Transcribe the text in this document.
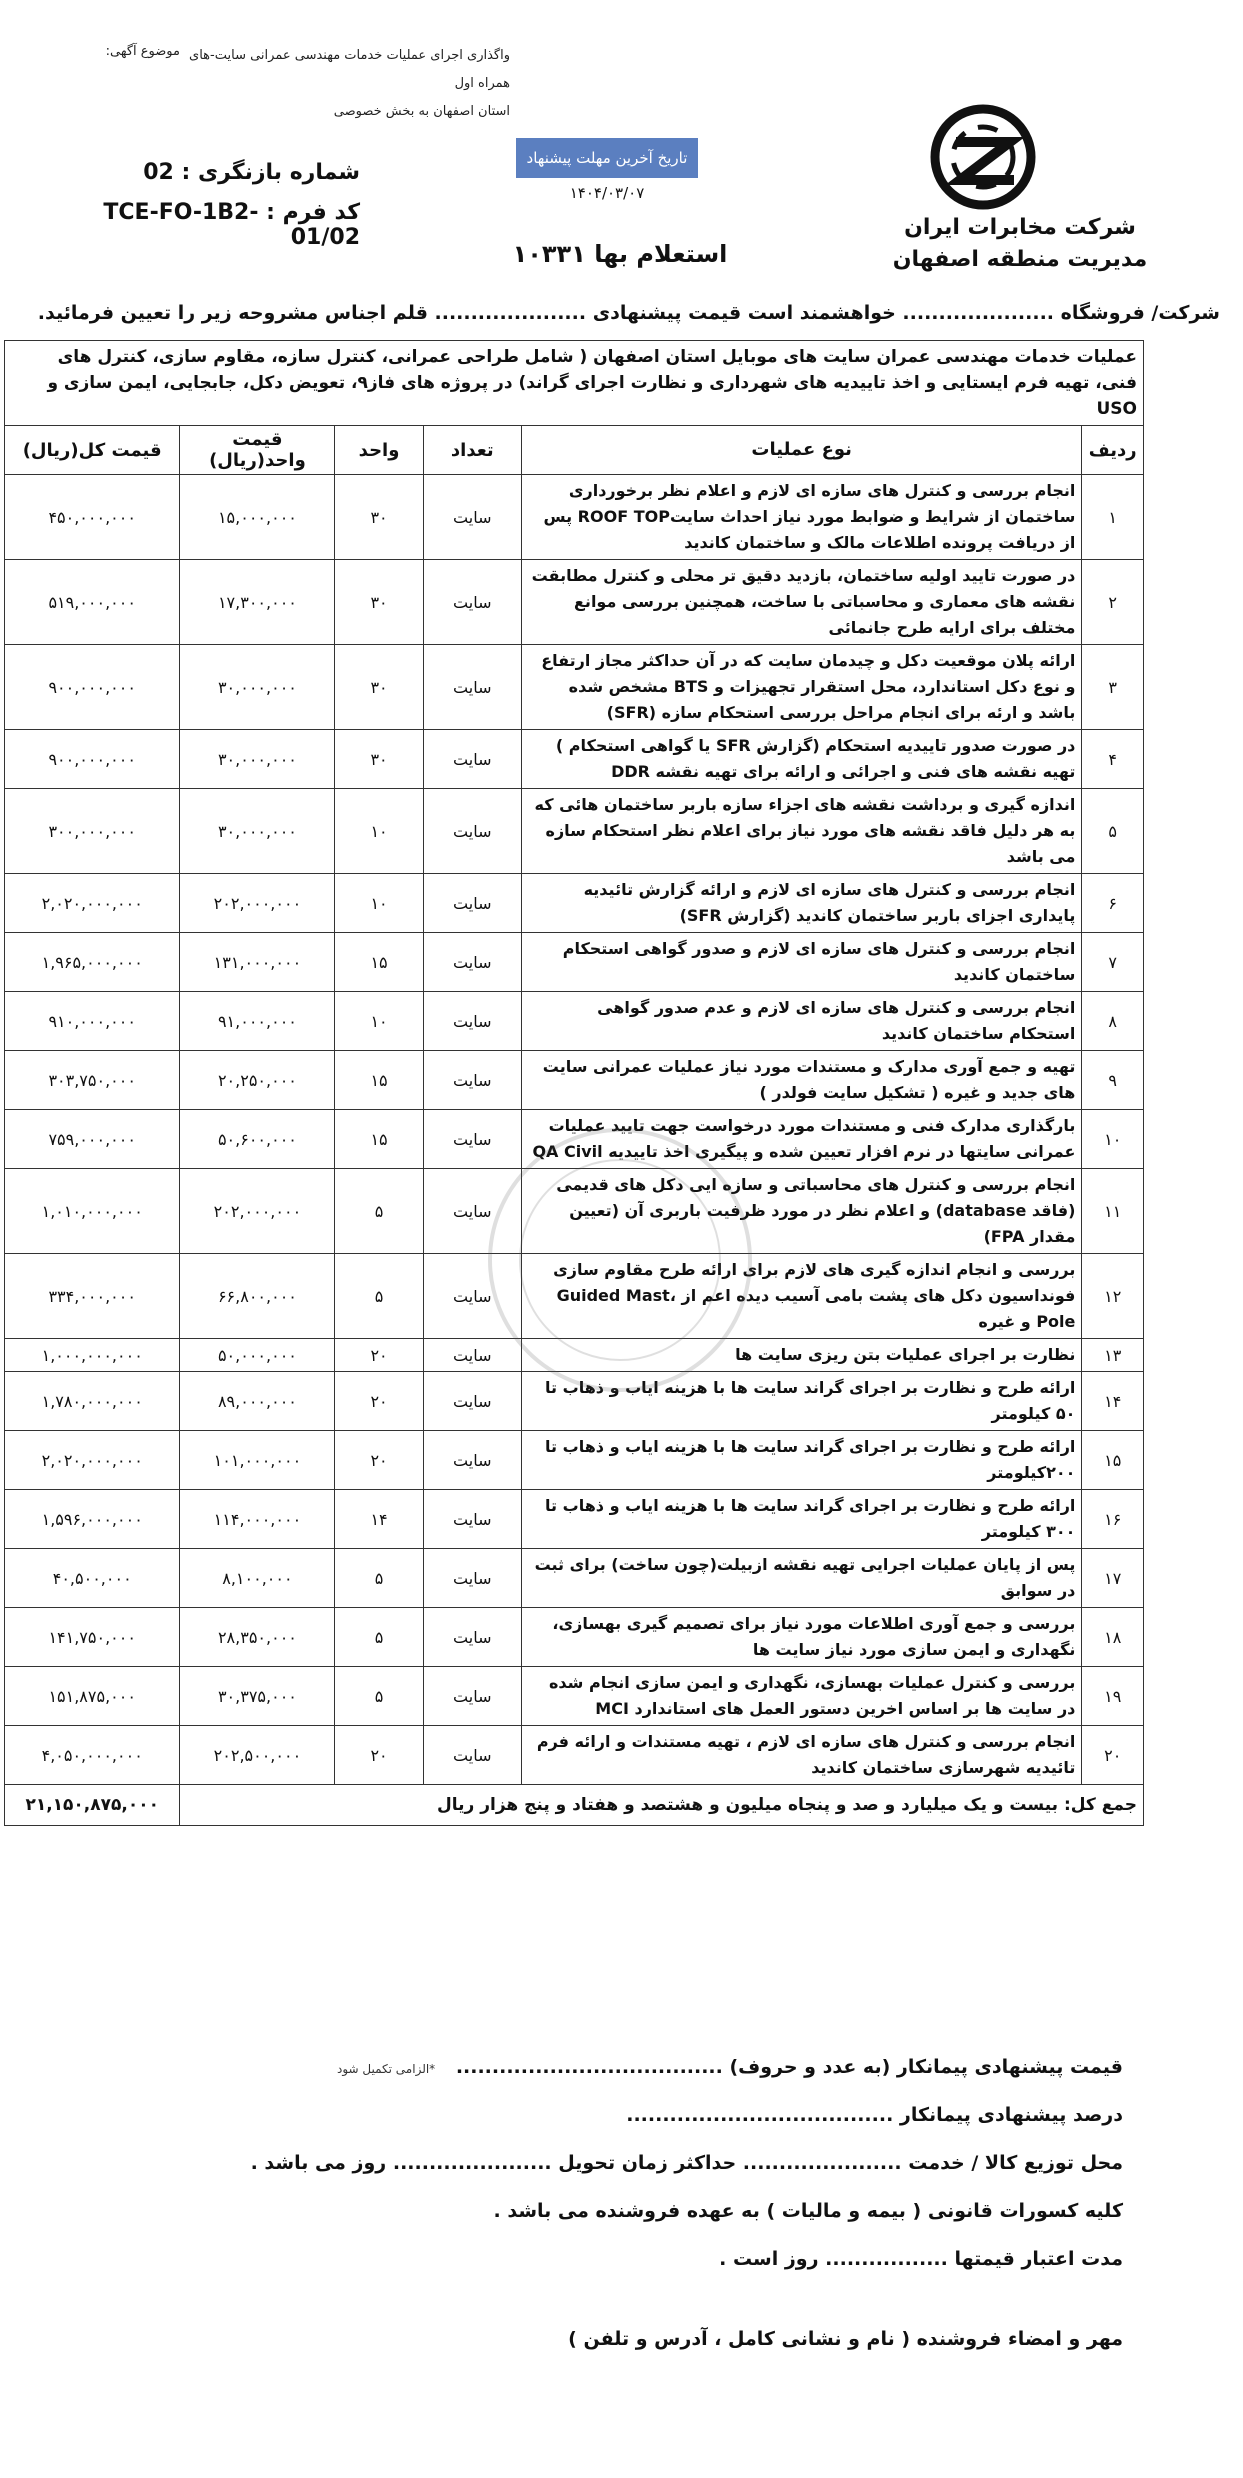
موضوع آگهی: واگذاری اجرای عملیات خدمات مهندسی عمرانی سایت-های همراه اول
استان اصفهان به بخش خصوصی
شرکت مخابرات ایران
مدیریت منطقه اصفهان
تاریخ آخرین مهلت پیشنهاد
۱۴۰۴/۰۳/۰۷
شماره بازنگری : 02
کد فرم : TCE-FO-1B2-01/02
استعلام بها ۱۰۳۳۱
شرکت/ فروشگاه ..................... خواهشمند است قیمت پیشنهادی ..................... قلم اجناس مشروحه زیر را تعیین فرمائید.
عملیات خدمات مهندسی عمران سایت های موبایل استان اصفهان ( شامل طراحی عمرانی، کنترل سازه، مقاوم سازی، کنترل های فنی، تهیه فرم ایستایی و اخذ تاییدیه های شهرداری و نظارت اجرای گراند) در پروژه های فاز۹، تعویض دکل، جابجایی، ایمن سازی و USO					
ردیف	نوع عملیات	تعداد	واحد	قیمت واحد(ریال)	قیمت کل(ریال)
۱	انجام بررسی و کنترل های سازه ای لازم و اعلام نظر برخورداری ساختمان از شرایط و ضوابط مورد نیاز احداث سایتROOF TOP پس از دریافت پرونده اطلاعات مالک و ساختمان کاندید	سایت	۳۰	۱۵,۰۰۰,۰۰۰	۴۵۰,۰۰۰,۰۰۰
۲	در صورت تایید اولیه ساختمان، بازدید دقیق تر محلی و کنترل مطابقت نقشه های معماری و محاسباتی با ساخت، همچنین بررسی موانع مختلف برای ارایه طرح جانمائی	سایت	۳۰	۱۷,۳۰۰,۰۰۰	۵۱۹,۰۰۰,۰۰۰
۳	ارائه پلان موقعیت دکل و چیدمان سایت که در آن حداکثر مجاز ارتفاع و نوع دکل استاندارد، محل استقرار تجهیزات و BTS مشخص شده باشد و ارئه برای انجام مراحل بررسی استحکام سازه (SFR)	سایت	۳۰	۳۰,۰۰۰,۰۰۰	۹۰۰,۰۰۰,۰۰۰
۴	در صورت صدور تاییدیه استحکام (گزارش SFR یا گواهی استحکام ) تهیه نقشه های فنی و اجرائی و ارائه برای تهیه نقشه DDR	سایت	۳۰	۳۰,۰۰۰,۰۰۰	۹۰۰,۰۰۰,۰۰۰
۵	اندازه گیری و برداشت نقشه های اجزاء سازه باربر ساختمان هائی که به هر دلیل فاقد نقشه های مورد نیاز برای اعلام نظر استحکام سازه می باشد	سایت	۱۰	۳۰,۰۰۰,۰۰۰	۳۰۰,۰۰۰,۰۰۰
۶	انجام بررسی و کنترل های سازه ای لازم و ارائه گزارش تائیدیه پایداری اجزای باربر ساختمان کاندید (گزارش SFR)	سایت	۱۰	۲۰۲,۰۰۰,۰۰۰	۲,۰۲۰,۰۰۰,۰۰۰
۷	انجام بررسی و کنترل های سازه ای لازم و صدور گواهی استحکام ساختمان کاندید	سایت	۱۵	۱۳۱,۰۰۰,۰۰۰	۱,۹۶۵,۰۰۰,۰۰۰
۸	انجام بررسی و کنترل های سازه ای لازم و عدم صدور گواهی استحکام ساختمان کاندید	سایت	۱۰	۹۱,۰۰۰,۰۰۰	۹۱۰,۰۰۰,۰۰۰
۹	تهیه و جمع آوری مدارک و مستندات مورد نیاز عملیات عمرانی سایت های جدید و غیره ( تشکیل سایت فولدر )	سایت	۱۵	۲۰,۲۵۰,۰۰۰	۳۰۳,۷۵۰,۰۰۰
۱۰	بارگذاری مدارک فنی و مستندات مورد درخواست جهت تایید عملیات عمرانی سایتها در نرم افزار تعیین شده و پیگیری اخذ تاییدیه QA Civil	سایت	۱۵	۵۰,۶۰۰,۰۰۰	۷۵۹,۰۰۰,۰۰۰
۱۱	انجام بررسی و کنترل های محاسباتی و سازه ایی دکل های قدیمی (فاقد database) و اعلام نظر در مورد ظرفیت باربری آن (تعیین مقدار FPA)	سایت	۵	۲۰۲,۰۰۰,۰۰۰	۱,۰۱۰,۰۰۰,۰۰۰
۱۲	بررسی و انجام اندازه گیری های لازم برای ارائه طرح مقاوم سازی فونداسیون دکل های پشت بامی آسیب دیده اعم از Guided Mast، Pole و غیره	سایت	۵	۶۶,۸۰۰,۰۰۰	۳۳۴,۰۰۰,۰۰۰
۱۳	نظارت بر اجرای عملیات بتن ریزی سایت ها	سایت	۲۰	۵۰,۰۰۰,۰۰۰	۱,۰۰۰,۰۰۰,۰۰۰
۱۴	ارائه طرح و نظارت بر اجرای گراند سایت ها با هزینه ایاب و ذهاب تا ۵۰ کیلومتر	سایت	۲۰	۸۹,۰۰۰,۰۰۰	۱,۷۸۰,۰۰۰,۰۰۰
۱۵	ارائه طرح و نظارت بر اجرای گراند سایت ها با هزینه ایاب و ذهاب تا ۲۰۰کیلومتر	سایت	۲۰	۱۰۱,۰۰۰,۰۰۰	۲,۰۲۰,۰۰۰,۰۰۰
۱۶	ارائه طرح و نظارت بر اجرای گراند سایت ها با هزینه ایاب و ذهاب تا ۳۰۰ کیلومتر	سایت	۱۴	۱۱۴,۰۰۰,۰۰۰	۱,۵۹۶,۰۰۰,۰۰۰
۱۷	پس از پایان عملیات اجرایی تهیه نقشه ازبیلت(چون ساخت) برای ثبت در سوابق	سایت	۵	۸,۱۰۰,۰۰۰	۴۰,۵۰۰,۰۰۰
۱۸	بررسی و جمع آوری اطلاعات مورد نیاز برای تصمیم گیری بهسازی، نگهداری و ایمن سازی مورد نیاز سایت ها	سایت	۵	۲۸,۳۵۰,۰۰۰	۱۴۱,۷۵۰,۰۰۰
۱۹	بررسی و کنترل عملیات بهسازی، نگهداری و ایمن سازی انجام شده در سایت ها بر اساس اخرین دستور العمل های استاندارد MCI	سایت	۵	۳۰,۳۷۵,۰۰۰	۱۵۱,۸۷۵,۰۰۰
۲۰	انجام بررسی و کنترل های سازه ای لازم ، تهیه مستندات و ارائه فرم تائیدیه شهرسازی ساختمان کاندید	سایت	۲۰	۲۰۲,۵۰۰,۰۰۰	۴,۰۵۰,۰۰۰,۰۰۰
جمع کل: بیست و یک میلیارد و صد و پنجاه میلیون و هشتصد و هفتاد و پنج هزار ریال					۲۱,۱۵۰,۸۷۵,۰۰۰
قیمت پیشنهادی پیمانکار (به عدد و حروف) ..................................... *الزامی تکمیل شود
درصد پیشنهادی پیمانکار .....................................
محل توزیع کالا / خدمت ...................... حداکثر زمان تحویل ...................... روز می باشد .
کلیه کسورات قانونی ( بیمه و مالیات ) به عهده فروشنده می باشد .
مدت اعتبار قیمتها ................. روز است .
مهر و امضاء فروشنده ( نام و نشانی کامل ، آدرس و تلفن )
